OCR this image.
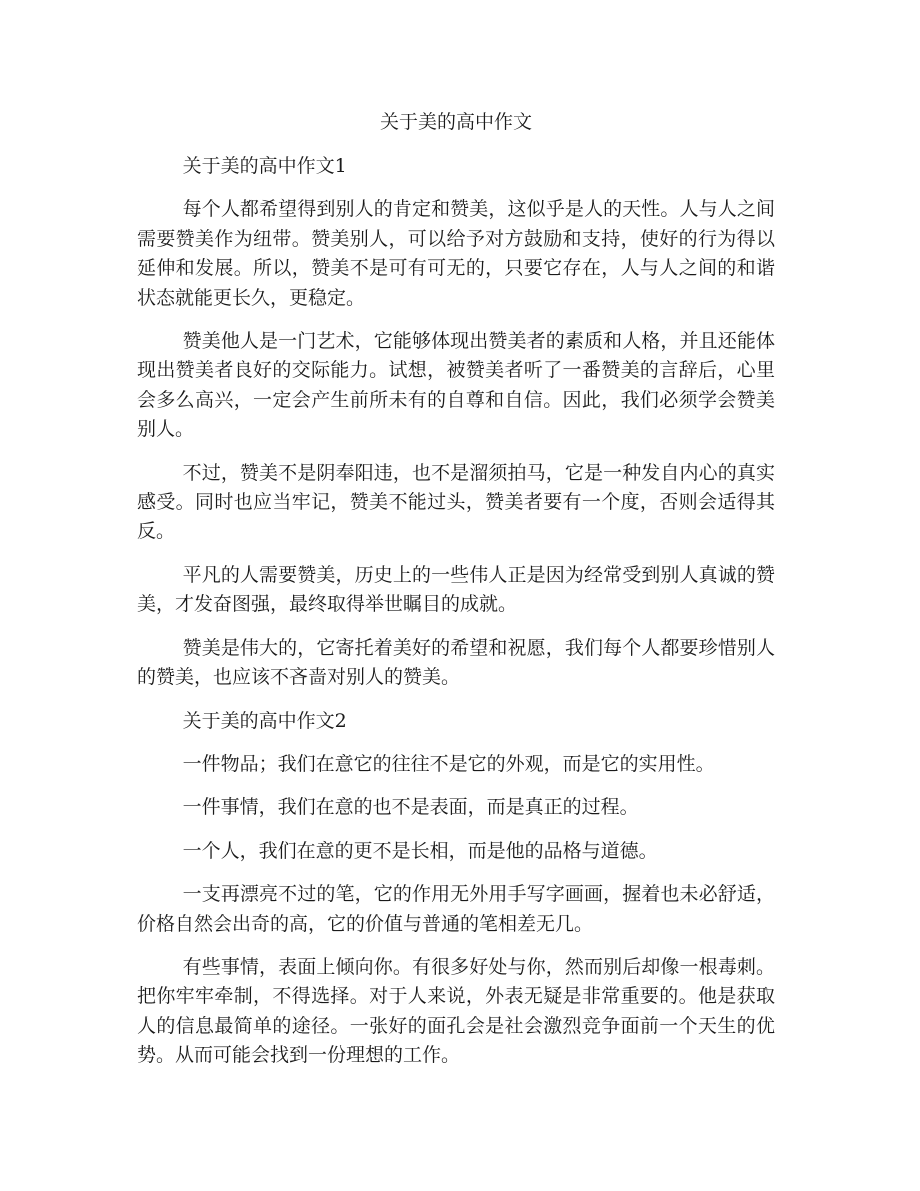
关于美的高中作文

关于美的高中作文1

每个人都希望得到别人的肯定和赞美，这似乎是人的天性。人与人之间需要赞美作为纽带。赞美别人，可以给予对方鼓励和支持，使好的行为得以延伸和发展。所以，赞美不是可有可无的，只要它存在，人与人之间的和谐状态就能更长久，更稳定。

赞美他人是一门艺术，它能够体现出赞美者的素质和人格，并且还能体现出赞美者良好的交际能力。试想，被赞美者听了一番赞美的言辞后，心里会多么高兴，一定会产生前所未有的自尊和自信。因此，我们必须学会赞美别人。

不过，赞美不是阴奉阳违，也不是溜须拍马，它是一种发自内心的真实感受。同时也应当牢记，赞美不能过头，赞美者要有一个度，否则会适得其反。

平凡的人需要赞美，历史上的一些伟人正是因为经常受到别人真诚的赞美，才发奋图强，最终取得举世瞩目的成就。

赞美是伟大的，它寄托着美好的希望和祝愿，我们每个人都要珍惜别人的赞美，也应该不吝啬对别人的赞美。

关于美的高中作文2

一件物品；我们在意它的往往不是它的外观，而是它的实用性。

一件事情，我们在意的也不是表面，而是真正的过程。

一个人，我们在意的更不是长相，而是他的品格与道德。

一支再漂亮不过的笔，它的作用无外用手写字画画，握着也未必舒适，价格自然会出奇的高，它的价值与普通的笔相差无几。

有些事情，表面上倾向你。有很多好处与你，然而别后却像一根毒刺。把你牢牢牵制，不得选择。对于人来说，外表无疑是非常重要的。他是获取人的信息最简单的途径。一张好的面孔会是社会激烈竞争面前一个天生的优势。从而可能会找到一份理想的工作。
